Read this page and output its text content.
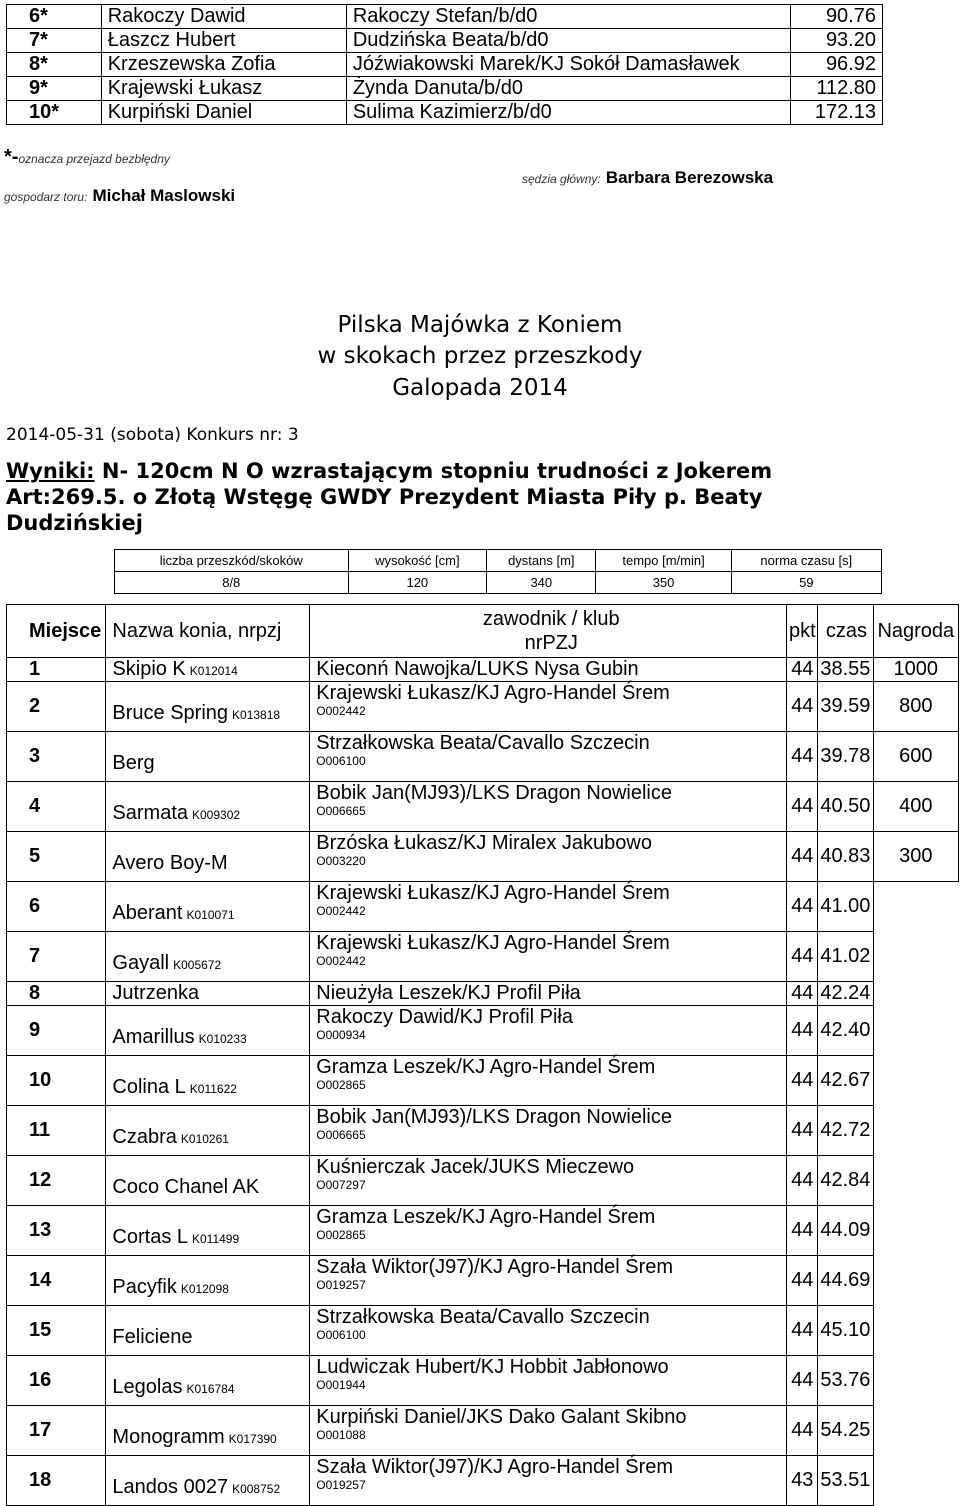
6*	Rakoczy Dawid	Rakoczy Stefan/b/d0	90.76
7*	Łaszcz Hubert	Dudzińska Beata/b/d0	93.20
8*	Krzeszewska Zofia	Jóźwiakowski Marek/KJ Sokół Damasławek	96.92
9*	Krajewski Łukasz	Żynda Danuta/b/d0	112.80
10*	Kurpiński Daniel	Sulima Kazimierz/b/d0	172.13
*-oznacza przejazd bezbłędny
sędzia główny: Barbara Berezowska
gospodarz toru: Michał Maslowski
Pilska Majówka z Koniem
w skokach przez przeszkody
Galopada 2014
2014-05-31 (sobota) Konkurs nr: 3
Wyniki: N- 120cm N O wzrastającym stopniu trudności z Jokerem
Art:269.5. o Złotą Wstęgę GWDY Prezydent Miasta Piły p. Beaty
Dudzińskiej
liczba przeszkód/skoków	wysokość [cm]	dystans [m]	tempo [m/min]	norma czasu [s]
8/8	120	340	350	59
Miejsce	Nazwa konia, nrpzj	zawodnik / klub
nrPZJ	pkt	czas	Nagroda
1	Skipio K K012014	Kieconń Nawojka/LUKS Nysa Gubin	44	38.55	1000
2	Bruce Spring K013818	Krajewski Łukasz/KJ Agro-Handel Śrem
O002442	44	39.59	800
3	Berg	Strzałkowska Beata/Cavallo Szczecin
O006100	44	39.78	600
4	Sarmata K009302	Bobik Jan(MJ93)/LKS Dragon Nowielice
O006665	44	40.50	400
5	Avero Boy-M	Brzóska Łukasz/KJ Miralex Jakubowo
O003220	44	40.83	300
6	Aberant K010071	Krajewski Łukasz/KJ Agro-Handel Śrem
O002442	44	41.00	
7	Gayall K005672	Krajewski Łukasz/KJ Agro-Handel Śrem
O002442	44	41.02	
8	Jutrzenka	Nieużyła Leszek/KJ Profil Piła	44	42.24	
9	Amarillus K010233	Rakoczy Dawid/KJ Profil Piła
O000934	44	42.40	
10	Colina L K011622	Gramza Leszek/KJ Agro-Handel Śrem
O002865	44	42.67	
11	Czabra K010261	Bobik Jan(MJ93)/LKS Dragon Nowielice
O006665	44	42.72	
12	Coco Chanel AK	Kuśnierczak Jacek/JUKS Mieczewo
O007297	44	42.84	
13	Cortas L K011499	Gramza Leszek/KJ Agro-Handel Śrem
O002865	44	44.09	
14	Pacyfik K012098	Szała Wiktor(J97)/KJ Agro-Handel Śrem
O019257	44	44.69	
15	Feliciene	Strzałkowska Beata/Cavallo Szczecin
O006100	44	45.10	
16	Legolas K016784	Ludwiczak Hubert/KJ Hobbit Jabłonowo
O001944	44	53.76	
17	Monogramm K017390	Kurpiński Daniel/JKS Dako Galant Skibno
O001088	44	54.25	
18	Landos 0027 K008752	Szała Wiktor(J97)/KJ Agro-Handel Śrem
O019257	43	53.51	
